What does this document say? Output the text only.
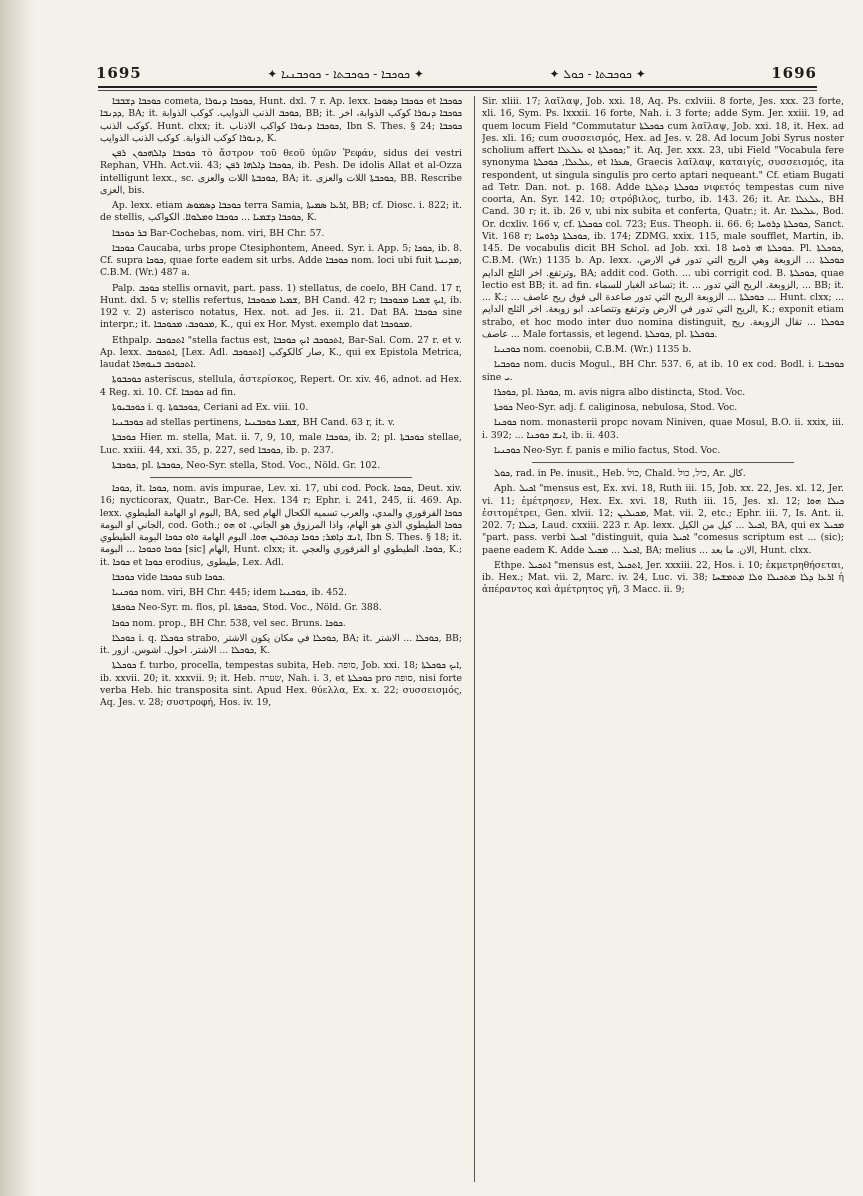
1695	✦ ܟܘܟܒܐ - ܟܘܟܒܬܐ - ܟܘܟܒܢܝܐ ✦	✦ ܟܘܟܒܬܐ - ܟܘܠ ✦	1696

ܟܘܟܒܐ ܕܫܒܒܐ cometa, ܟܘܟܒܐ ܕܢܘܪܐ, Hunt. dxl. 7 r. Ap. lexx. ܟܘܟܒܐ ܕܣܘܟܐ et ܟܘܟܒܐ ܕܕܢܒܐ, BA; it. ܟܘܟܒ الذنب الذوايب. كوكب الذوابة, BB; it. ܟܘܟܒܐ ܕܢܘܪܐ كوكب الذوابة، اخر كوكب الذنب. Hunt. clxx; it. ܟܘܟܒܐ ܕܢܘܪܐ كواكب الاذناب, Ibn S. Thes. § 24; ܟܘܟܒܐ ܕܢܘܪܐ كوكب الذوابة. كوكب الذنب الذوايب, K.

ܟܘܟܒܐ ܕܐܠܗܟܘܢ ܪܦܢ τὸ ἄστρον τοῦ θεοῦ ὑμῶν Ῥεφάν, sidus dei vestri Rephan, VHh. Act.vii. 43; ܟܘܟܒܐ ܕܐܠܗܐ ܪܦܢ, ib. Pesh. De idolis Allat et al-Ozza intelligunt lexx., sc. ܟܘܟܒܬܐ اللات والعزى, BA; it. ܟܘܟܒܬܐ اللات والعزى, BB. Rescribe العزى, bis.

Ap. lexx. etiam ܟܘܟܒܐ ܕܣܡܘܣ terra Samia, ܐܪܥܐ ܣܡܝܬܐ, BB; cf. Diosc. i. 822; it. de stellis, ܟܘܟܒܐ ܕܫܡܝܐ ... ܟܘܟܒܐ ܘܡܠܘܐܐ. الكواكب, K.

ܒܪ ܟܘܟܒܐ Bar-Cochebas, nom. viri, BH Chr. 57.

ܟܘܟܒܐ Caucaba, urbs prope Ctesiphontem, Aneed. Syr. i. App. 5; ܟܘܟܐ, ib. 8. Cf. supra ܟܘܟܐ, quae forte eadem sit urbs. Adde ܟܘܟܒܐ nom. loci ubi fuit ܡܕܝܢܬܐ, C.B.M. (Wr.) 487 a.

Palp. ܟܘܟܒ stellis ornavit, part. pass. 1) stellatus, de coelo, BH Cand. 17 r, Hunt. dxl. 5 v; stellis refertus, ܫܡܝܐ ܡܟܘܟܒܐ, BH Cand. 42 r; ܐܝܟ ܫܡܝܐ ܡܟܘܟܒܐ, ib. 192 v. 2) asterisco notatus, Hex. not. ad Jes. ii. 21. Dat BA. ܟܘܟܒܐ sine interpr.; it. ܡܟܘܟܒ، ܡܟܘܟܒܐ, K., qui ex Hor. Myst. exemplo dat ܡܟܘܟܒܐ.

Ethpalp. ܐܬܟܘܟܒ "stella factus est, ܐܬܟܘܟܒ ܐܝܟ ܟܘܟܒܐ, Bar-Sal. Com. 27 r. et v. Ap. lexx. ܐܬܟܘܟܒ, [Lex. Adl. ܐܬܟܘܟܒ] صار كالكوكب, K., qui ex Epistola Metrica, laudat ܐܬܟܘܟܒ ܒܢܘܗܪܐ.

ܟܘܟܒܘܬܐ asteriscus, stellula, ἀστερίσκος, Repert. Or. xiv. 46, adnot. ad Hex. 4 Reg. xi. 10. Cf. ܟܘܟܒܐ ad fin.

ܟܘܟܒܝܘܬܐ i. q. ܟܘܟܒܘܬܐ, Ceriani ad Ex. viii. 10.

ܟܘܟܒܢܝܐ ad stellas pertinens, ܫܡܝܐ ܟܘܟܒܢܝܐ, BH Cand. 63 r, it. v.

ܟܘܟܒܬܐ Hier. m. stella, Mat. ii. 7, 9, 10, male ܟܘܟܒܐ, ib. 2; pl. ܟܘܟܒܬܐ stellae, Luc. xxiii. 44, xxi. 35, p. 227, sed ܟܘܟܒܐ, ib. p. 237.

ܟܘܟܒܬܐ, pl. ܟܘܟܒܬܐ, Neo-Syr. stella, Stod. Voc., Nöld. Gr. 102.

ܟܘܟܐ, it. ܟܘܟܐ, nom. avis impurae, Lev. xi. 17, ubi cod. Pock. ܟܘܟܐ, Deut. xiv. 16; nycticorax, Quatr., Bar-Ce. Hex. 134 r; Ephr. i. 241, 245, ii. 469. Ap. lexx. البوم او الهامة الطيطوي, BA, sed ܟܘܟܐ الفرفوري والمدي، والعرب تسميه الكحال الهام الجاني او البومة, cod. Goth.; ܟܘܟܐ الطيطوي الذي هو الهام، واذا المرزوق هو الجاني. ܐܘ ܗܘ ܐܢܫ ܕܐܡܪ; ܟܘܟܐ ܕܟܬܒܝܢ ܗܘܐ. البوم الهامة ܘܐܘ ܟܘܟܐ البومة الطيطوي, Ibn S. Thes. § 18; it. ܟܘܟܐ ܘܟܘܟܐ ... البومة [sic] الهام, Hunt. clxx; it. ܟܘܟܐ. الطيطوي او الفرفوري والعجي, K.; it. ܟܘܟܐ et ܟܘܟܐ erodius, طيطوى, Lex. Adl.

ܟܘܟܒܐ vide ܟܘܟܒܐ sub ܟܘܟܐ.

ܟܘܟܢܝܐ nom. viri, BH Chr. 445; idem ܟܘܟܢܝܐ, ib. 452.

ܟܘܟܦܬܐ Neo-Syr. m. flos, pl. ܟܘܟܦܬܐ, Stod. Voc., Nöld. Gr. 388.

ܟܘܟܐ nom. prop., BH Chr. 538, vel sec. Bruns. ܟܘܟܐ.

ܟܘܟܠܐ i. q. ܟܘܟܠܐ strabo, ܟܘܟܠܐ في مكان يكون الاشتر, BA; it. ܟܘܟܠܐ ... الاشتر, BB; it. ܟܘܟܠܐ ... الاشتر. احول. اشوس. ازور, K.

ܟܘܟܠܬܐ f. turbo, procella, tempestas subita, Heb. סופה, Job. xxi. 18; ܐܝܟ ܟܘܟܠܬܐ, ib. xxvii. 20; it. xxxvii. 9; it. Heb. שערה, Nah. i. 3, et ܟܘܟܠܬܐ pro סופה, nisi forte verba Heb. hic transposita sint. Apud Hex. θύελλα, Ex. x. 22; συσσεισμός, Aq. Jes. v. 28; συστροφή, Hos. iv. 19,

Sir. xliii. 17; λαῖλαψ, Job. xxi. 18, Aq. Ps. cxlviii. 8 forte, Jes. xxx. 23 forte, xli. 16, Sym. Ps. lxxxii. 16 forte, Nah. i. 3 forte; adde Sym. Jer. xxiii. 19, ad quem locum Field "Commutatur ܟܘܟܠܬܐ cum λαῖλαψ, Job. xxi. 18, it. Hex. ad Jes. xli. 16; cum συσσεισμός, Hex. ad Jes. v. 28. Ad locum Jobi Syrus noster scholium affert ܟܘܟܠܬܐ ܐܘ ܥܠܥܠܐ;" it. Aq. Jer. xxx. 23, ubi Field "Vocabula fere synonyma ܥܠܥܠܐ, ܟܘܟܠܬܐ, et ܣܥܪܐ, Graecis λαῖλαψ, καταιγίς, συσσεισμός, ita respondent, ut singula singulis pro certo aptari nequeant." Cf. etiam Bugati ad Tetr. Dan. not. p. 168. Adde ܟܘܟܠܬܐ ܕܬܠܓܐ νιφετός tempestas cum nive coorta, An. Syr. 142. 10; στρόβιλος, turbo, ib. 143. 26; it. Ar. ܥܠܥܠܐ, BH Cand. 30 r; it. ib. 26 v, ubi nix subita et conferta, Quatr.; it. Ar. ܥܠܥܠܐ, Bod. Or. dcxliv. 166 v, cf. ܟܘܟܠܬܐ col. 723; Eus. Theoph. ii. 66. 6; ܟܘܟܠܬܐ ܕܪܘܚܐ, Sanct. Vit. 168 r; ܟܘܟܠܬܐ ܕܪܘܚܐ, ib. 174; ZDMG. xxix. 115, male soufflet, Martin, ib. 145. De vocabulis dicit BH Schol. ad Job. xxi. 18 ܟܘܟܠܬܐ ܗܝ ܪܘܚܐ. Pl. ܟܘܟܠܬܐ, C.B.M. (Wr.) 1135 b. Ap. lexx. ܟܘܟܠܬܐ ... الزوبعة وهي الريح التي تدور في الارض، وترتفع. اخر الثلج الدايم, BA; addit cod. Goth. ... ubi corrigit cod. B. ܟܘܟܠܬܐ, quae lectio est BB; it. ad fin. تساعد الغبار للسماء; it. ... الزوبعة. الريح التي تدور, ... BB; it. ... K.; ... ܟܘܟܠܬܐ ... الزوبعة الريح التي تدور صاعدة الى فوق ريح عاصف ... Hunt. clxx; ... الريح التي تدور في الارض وترتفع وتتصاعد. ابو زوبعة. اخر الثلج الدايم, K.; exponit etiam strabo, et hoc modo inter duo nomina distinguit, ܟܘܟܠܐ ... تقال الزوبعة. ريح عاصف ... Male fortassis, et legend. ܟܘܟܠܬܐ, pl. ܟܘܟܠܬܐ.

ܟܘܟܢܝܐ nom. coenobii, C.B.M. (Wr.) 1135 b.

ܟܘܟܒܝܐ nom. ducis Mogul., BH Chr. 537. 6, at ib. 10 ex cod. Bodl. i. ܟܘܟܒܝܐ sine ܝ.

ܟܘܟܪܐ, pl. ܟܘܟܪܐ, m. avis nigra albo distincta, Stod. Voc.

ܟܘܟܬܐ Neo-Syr. adj. f. caliginosa, nebulosa, Stod. Voc.

ܟܘܟܢܐ nom. monasterii propc novam Niniven, quae Mosul, B.O. ii. xxix, iii. i. 392; ... ܐܢܫ ܟܘܟܢܐ, ib. ii. 403.

ܟܘܟܢܝܐ Neo-Syr. f. panis e milio factus, Stod. Voc.

ܟܘܠ, rad. in Pe. inusit., Heb. כול, Chald. כיל, כול, Ar. كال.

Aph. ܐܟܝܠ "mensus est, Ex. xvi. 18, Ruth iii. 15, Job. xx. 22, Jes. xl. 12, Jer. vi. 11; ἐμέτρησεν, Hex. Ex. xvi. 18, Ruth iii. 15, Jes. xl. 12; ܟܝܠܐ ܗܘܐ ἐσιτομέτρει, Gen. xlvii. 12; ܡܟܝܠܝܢ, Mat. vii. 2, etc.; Ephr. iii. 7, Is. Ant. ii. 202. 7; ܟܝܠܐ, Laud. cxxiii. 223 r. Ap. lexx. ܐܟܝܠ ... كيل من الكيل, BA, qui ex ܡܟܝܠ "part. pass. verbi ܐܟܝܠ "distinguit, quia ܐܟܝܠ "comesus scriptum est ... (sic); paene eadem K. Adde ܐܟܝܠ ... ܡܟܝܠ, BA; melius ... الان. ما بعد, Hunt. clxx.

Ethpe. ܐܬܟܝܠ "mensus est, ܐܬܟܝܠ, Jer. xxxiii. 22, Hos. i. 10; ἐκμετρηθήσεται, ib. Hex.; Mat. vii. 2, Marc. iv. 24, Luc. vi. 38; ܐܪܥܐ ܕܠܐ ܡܬܟܝܠܐ ܘܠܐ ܡܬܡܫܚܐ ἡ ἀπέραντος καὶ ἀμέτρητος γῆ, 3 Macc. ii. 9;
